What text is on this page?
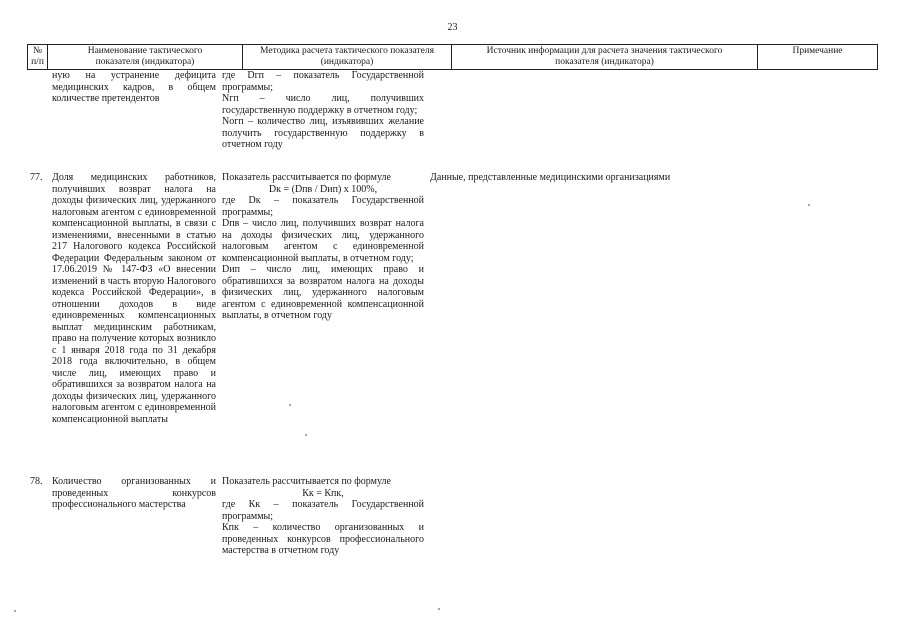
23
№
п/п
Наименование тактического
показателя (индикатора)
Методика расчета тактического показателя
(индикатора)
Источник информации для расчета значения тактического
показателя (индикатора)
Примечание
ную на устранение дефицита медицинских кадров, в общем количестве претендентов
где Dгп – показатель Государственной программы;
Nгп – число лиц, получивших государственную поддержку в отчетном году;
Nогп – количество лиц, изъявивших желание получить государственную поддержку в отчетном году
77. Доля медицинских работников, получивших возврат налога на доходы физических лиц, удержанного налоговым агентом с единовременной компенсационной выплаты, в связи с изменениями, внесенными в статью 217 Налогового кодекса Российской Федерации Федеральным законом от 17.06.2019 № 147-ФЗ «О внесении изменений в часть вторую Налогового кодекса Российской Федерации», в отношении доходов в виде единовременных компенсационных выплат медицинским работникам, право на получение которых возникло с 1 января 2018 года по 31 декабря 2018 года включительно, в общем числе лиц, имеющих право и обратившихся за возвратом налога на доходы физических лиц, удержанного налоговым агентом с единовременной компенсационной выплаты
Показатель рассчитывается по формуле
Dк = (Dпв / Dип) х 100%,
где Dк – показатель Государственной программы;
Dпв – число лиц, получивших возврат налога на доходы физических лиц, удержанного налоговым агентом с единовременной компенсационной выплаты, в отчетном году;
Dип – число лиц, имеющих право и обратившихся за возвратом налога на доходы физических лиц, удержанного налоговым агентом с единовременной компенсационной выплаты, в отчетном году
Данные, представленные медицинскими организациями
78. Количество организованных и проведенных конкурсов профессионального мастерства
Показатель рассчитывается по формуле
Кк = Кпк,
где Кк – показатель Государственной программы;
Кпк – количество организованных и проведенных конкурсов профессионального мастерства в отчетном году
